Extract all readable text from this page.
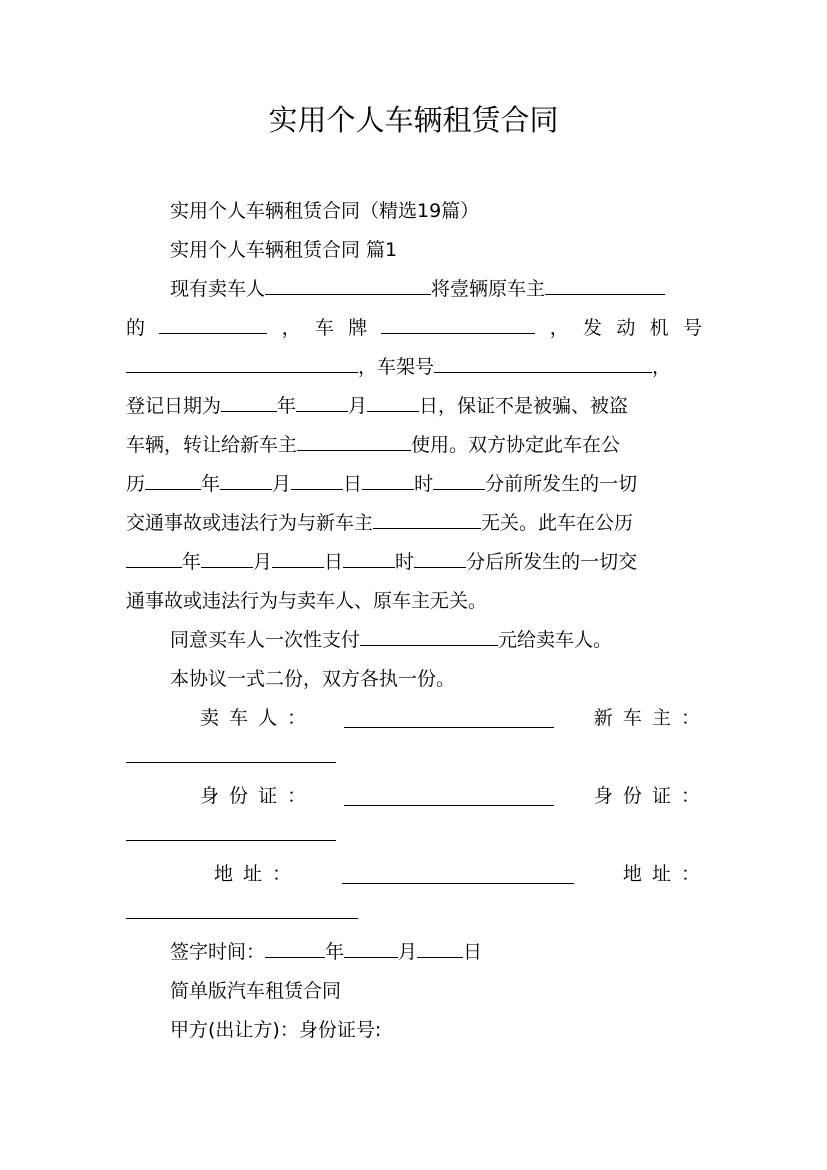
实用个人车辆租赁合同
实用个人车辆租赁合同（精选19篇）
实用个人车辆租赁合同 篇1
现有卖车人	将壹辆原车主
的	， 车 牌	， 发 动 机 号
，车架号	，
登记日期为	年	月	日，保证不是被骗、被盗
车辆，转让给新车主	使用。双方协定此车在公
历	年	月	日	时	分前所发生的一切
交通事故或违法行为与新车主	无关。此车在公历
年	月	日	时	分后所发生的一切交
通事故或违法行为与卖车人、原车主无关。
同意买车人一次性支付	元给卖车人。
本协议一式二份，双方各执一份。
卖 车 人 ：	新 车 主 ：
身 份 证 ：	身 份 证 ：
地 址 ：	地 址 ：
签字时间：	年	月 日
简单版汽车租赁合同
甲方(出让方)：身份证号:
